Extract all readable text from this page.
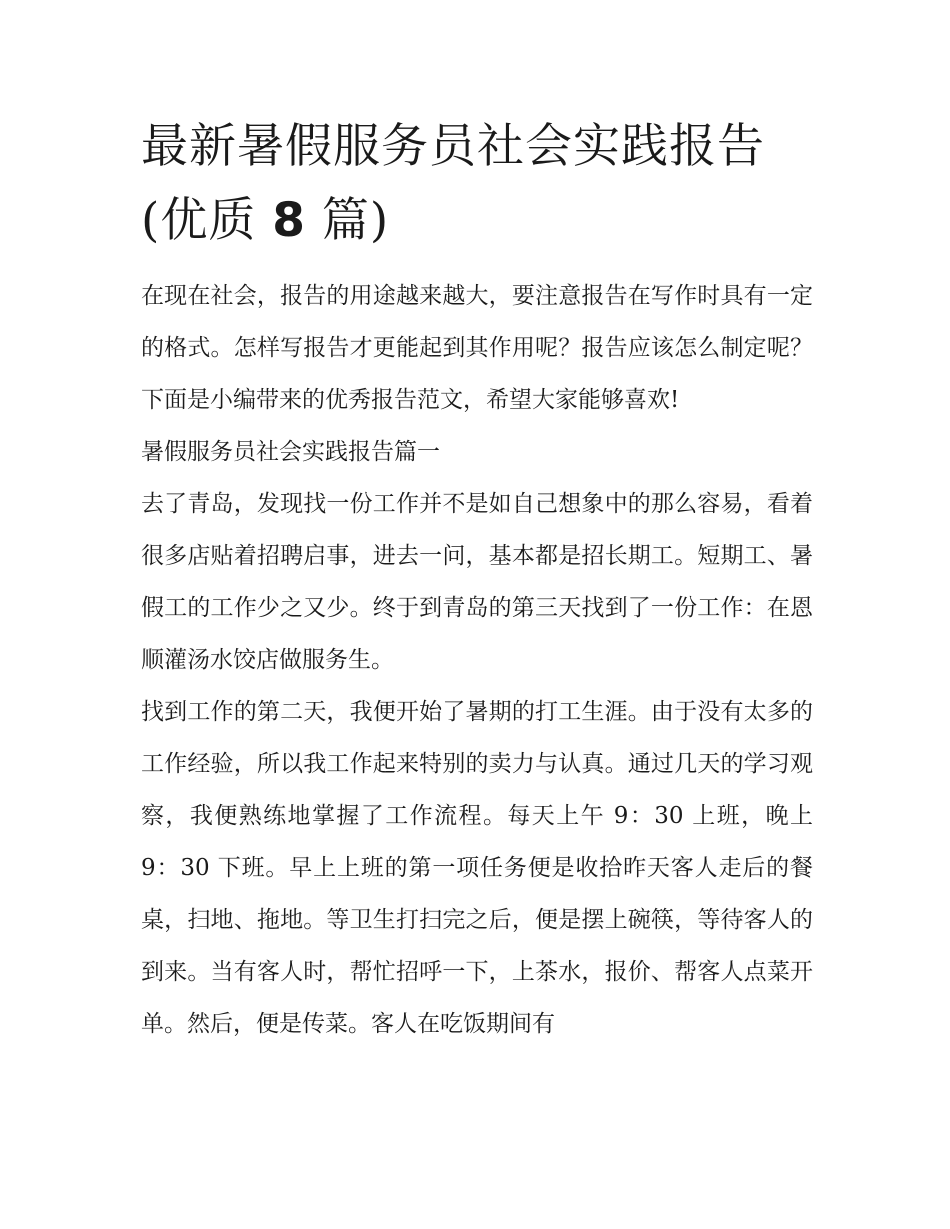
最新暑假服务员社会实践报告
(优质 8 篇)

在现在社会，报告的用途越来越大，要注意报告在写作时具有一定的格式。怎样写报告才更能起到其作用呢？报告应该怎么制定呢？下面是小编带来的优秀报告范文，希望大家能够喜欢!

暑假服务员社会实践报告篇一

去了青岛，发现找一份工作并不是如自己想象中的那么容易，看着很多店贴着招聘启事，进去一问，基本都是招长期工。短期工、暑假工的工作少之又少。终于到青岛的第三天找到了一份工作：在恩顺灌汤水饺店做服务生。

找到工作的第二天，我便开始了暑期的打工生涯。由于没有太多的工作经验，所以我工作起来特别的卖力与认真。通过几天的学习观察，我便熟练地掌握了工作流程。每天上午 9：30 上班，晚上 9：30 下班。早上上班的第一项任务便是收拾昨天客人走后的餐桌，扫地、拖地。等卫生打扫完之后，便是摆上碗筷，等待客人的到来。当有客人时，帮忙招呼一下，上茶水，报价、帮客人点菜开单。然后，便是传菜。客人在吃饭期间有
